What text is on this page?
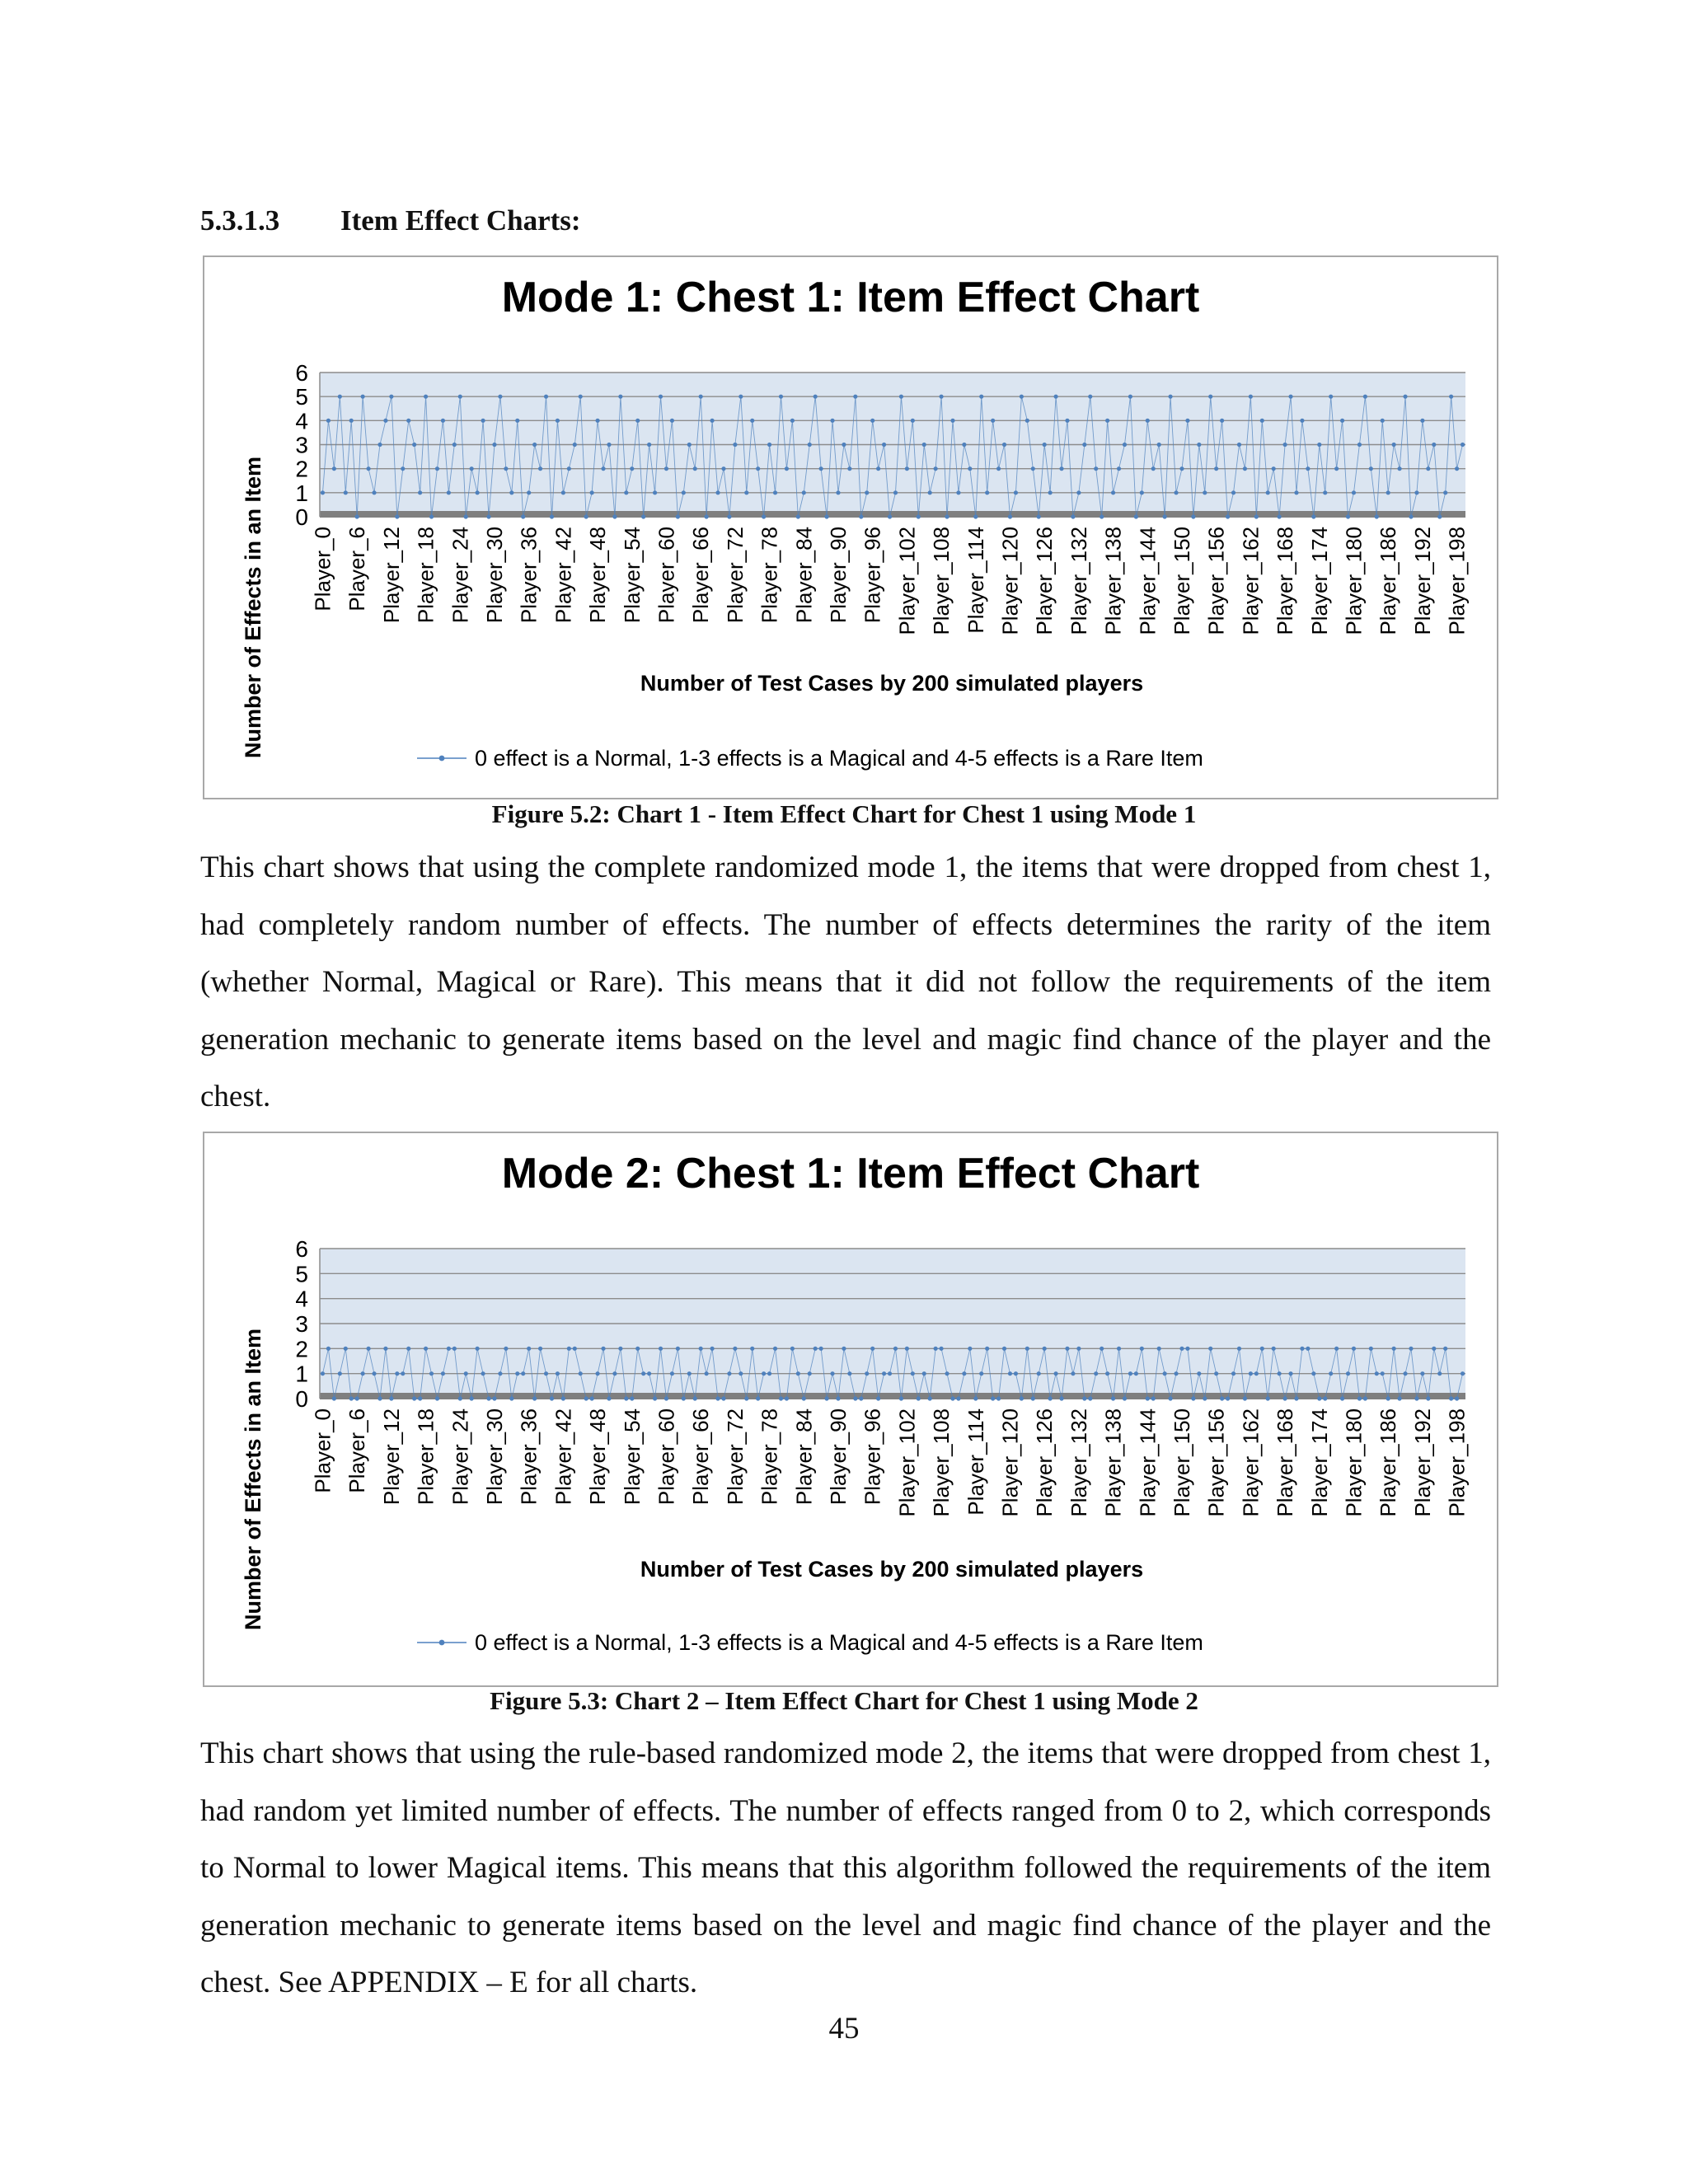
5.3.1.3 Item Effect Charts:
Mode 1: Chest 1: Item Effect Chart
0
1
2
3
4
5
6
Player_0 Player_6 Player_12 Player_18 Player_24 Player_30 Player_36 Player_42 Player_48 Player_54 Player_60 Player_66 Player_72 Player_78 Player_84 Player_90 Player_96 Player_102 Player_108 Player_114 Player_120 Player_126 Player_132 Player_138 Player_144 Player_150 Player_156 Player_162 Player_168 Player_174 Player_180 Player_186 Player_192 Player_198
Number of Effects in an Item	Number of Test Cases by 200 simulated players
0 effect is a Normal, 1-3 effects is a Magical and 4-5 effects is a Rare Item
Figure 5.2: Chart 1 - Item Effect Chart for Chest 1 using Mode 1

This chart shows that using the complete randomized mode 1, the items that were dropped from chest 1, had completely random number of effects. The number of effects determines the rarity of the item (whether Normal, Magical or Rare). This means that it did not follow the requirements of the item generation mechanic to generate items based on the level and magic find chance of the player and the chest.

Mode 2: Chest 1: Item Effect Chart
0
1
2
3
4
5
6
Player_0 Player_6 Player_12 Player_18 Player_24 Player_30 Player_36 Player_42 Player_48 Player_54 Player_60 Player_66 Player_72 Player_78 Player_84 Player_90 Player_96 Player_102 Player_108 Player_114 Player_120 Player_126 Player_132 Player_138 Player_144 Player_150 Player_156 Player_162 Player_168 Player_174 Player_180 Player_186 Player_192 Player_198
Number of Effects in an Item	Number of Test Cases by 200 simulated players
0 effect is a Normal, 1-3 effects is a Magical and 4-5 effects is a Rare Item
Figure 5.3: Chart 2 – Item Effect Chart for Chest 1 using Mode 2

This chart shows that using the rule-based randomized mode 2, the items that were dropped from chest 1, had random yet limited number of effects. The number of effects ranged from 0 to 2, which corresponds to Normal to lower Magical items. This means that this algorithm followed the requirements of the item generation mechanic to generate items based on the level and magic find chance of the player and the chest. See APPENDIX – E for all charts.

45
